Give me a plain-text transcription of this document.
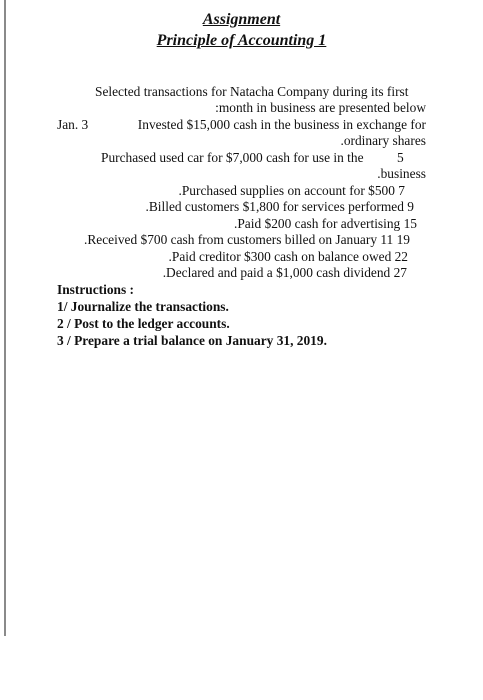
Assignment
Principle of Accounting 1

Selected transactions for Natacha Company during its first

:month in business are presented below

Jan. 3	Invested $15,000 cash in the business in exchange for

.ordinary shares

Purchased used car for $7,000 cash for use in the 5

.business

.Purchased supplies on account for $500 7

.Billed customers $1,800 for services performed 9

.Paid $200 cash for advertising 15

.Received $700 cash from customers billed on January 11 19

.Paid creditor $300 cash on balance owed 22

.Declared and paid a $1,000 cash dividend 27

Instructions :

1/ Journalize the transactions.

2 / Post to the ledger accounts.

3 / Prepare a trial balance on January 31, 2019.
